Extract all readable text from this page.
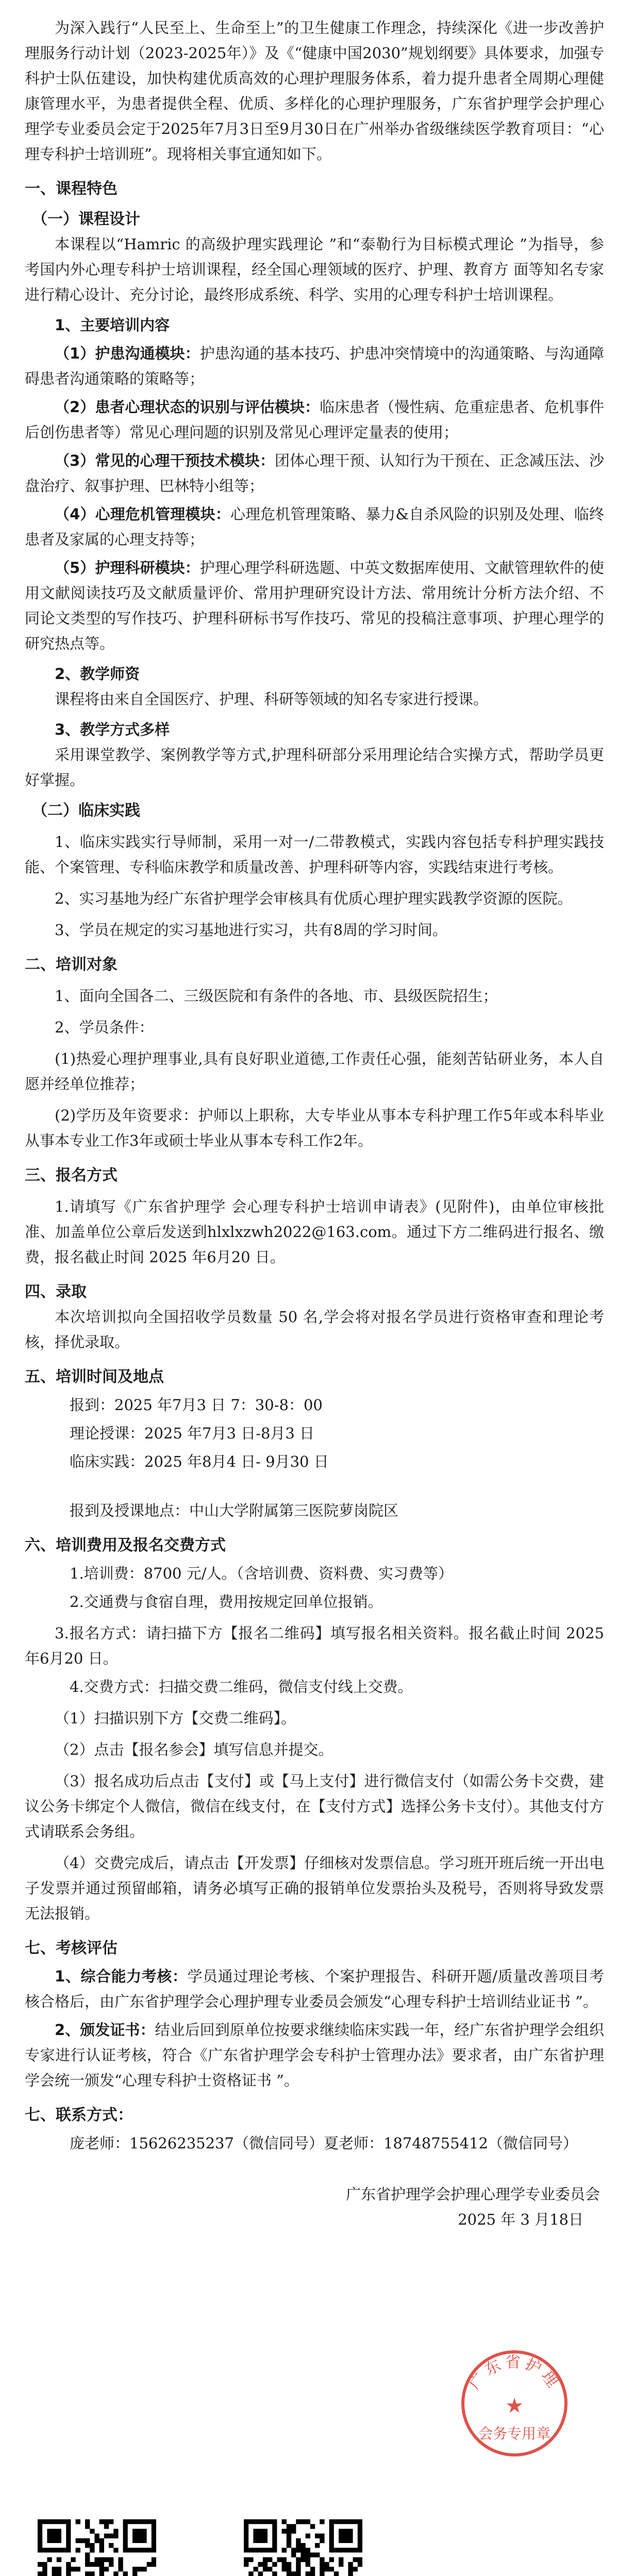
为深入践行“人民至上、生命至上”的卫生健康工作理念，持续深化《进一步改善护理服务行动计划（2023-2025年）》及《“健康中国2030”规划纲要》具体要求，加强专科护士队伍建设，加快构建优质高效的心理护理服务体系，着力提升患者全周期心理健康管理水平，为患者提供全程、优质、多样化的心理护理服务，广东省护理学会护理心理学专业委员会定于2025年7月3日至9月30日在广州举办省级继续医学教育项目：“心理专科护士培训班”。现将相关事宜通知如下。

一、课程特色

（一）课程设计

本课程以“Hamric 的高级护理实践理论 ”和“泰勒行为目标模式理论 ”为指导，参考国内外心理专科护士培训课程，经全国心理领域的医疗、护理、教育方 面等知名专家进行精心设计、充分讨论，最终形成系统、科学、实用的心理专科护士培训课程。

1、主要培训内容

（1）护患沟通模块：护患沟通的基本技巧、护患冲突情境中的沟通策略、与沟通障碍患者沟通策略的策略等；

（2）患者心理状态的识别与评估模块：临床患者（慢性病、危重症患者、危机事件后创伤患者等）常见心理问题的识别及常见心理评定量表的使用；

（3）常见的心理干预技术模块：团体心理干预、认知行为干预在、正念减压法、沙盘治疗、叙事护理、巴林特小组等；

（4）心理危机管理模块：心理危机管理策略、暴力&自杀风险的识别及处理、临终患者及家属的心理支持等；

（5）护理科研模块：护理心理学科研选题、中英文数据库使用、文献管理软件的使用文献阅读技巧及文献质量评价、常用护理研究设计方法、常用统计分析方法介绍、不同论文类型的写作技巧、护理科研标书写作技巧、常见的投稿注意事项、护理心理学的研究热点等。

2、教学师资

课程将由来自全国医疗、护理、科研等领域的知名专家进行授课。

3、教学方式多样

采用课堂教学、案例教学等方式,护理科研部分采用理论结合实操方式，帮助学员更好掌握。

（二）临床实践

1、临床实践实行导师制，采用一对一/二带教模式，实践内容包括专科护理实践技能、个案管理、专科临床教学和质量改善、护理科研等内容，实践结束进行考核。

2、实习基地为经广东省护理学会审核具有优质心理护理实践教学资源的医院。

3、学员在规定的实习基地进行实习，共有8周的学习时间。

二、培训对象

1、面向全国各二、三级医院和有条件的各地、市、县级医院招生；

2、学员条件：

(1)热爱心理护理事业,具有良好职业道德,工作责任心强，能刻苦钻研业务，本人自愿并经单位推荐；

(2)学历及年资要求：护师以上职称，大专毕业从事本专科护理工作5年或本科毕业从事本专业工作3年或硕士毕业从事本专科工作2年。

三、报名方式

1.请填写《广东省护理学 会心理专科护士培训申请表》(见附件)，由单位审核批准、加盖单位公章后发送到hlxlxzwh2022@163.com。通过下方二维码进行报名、缴费，报名截止时间 2025 年6月20 日。

四、录取

本次培训拟向全国招收学员数量 50 名,学会将对报名学员进行资格审查和理论考核，择优录取。

五、培训时间及地点

报到：2025 年7月3 日 7：30-8：00

理论授课：2025 年7月3 日-8月3 日

临床实践：2025 年8月4 日- 9月30 日

报到及授课地点：中山大学附属第三医院萝岗院区

六、培训费用及报名交费方式

1.培训费：8700 元/人。（含培训费、资料费、实习费等）

2.交通费与食宿自理，费用按规定回单位报销。

3.报名方式：请扫描下方【报名二维码】填写报名相关资料。报名截止时间 2025 年6月20 日。

4.交费方式：扫描交费二维码，微信支付线上交费。

（1）扫描识别下方【交费二维码】。

（2）点击【报名参会】填写信息并提交。

（3）报名成功后点击【支付】或【马上支付】进行微信支付（如需公务卡交费，建议公务卡绑定个人微信，微信在线支付，在【支付方式】选择公务卡支付）。其他支付方式请联系会务组。

（4）交费完成后，请点击【开发票】仔细核对发票信息。学习班开班后统一开出电子发票并通过预留邮箱，请务必填写正确的报销单位发票抬头及税号，否则将导致发票无法报销。

七、考核评估

1、综合能力考核：学员通过理论考核、个案护理报告、科研开题/质量改善项目考核合格后，由广东省护理学会心理护理专业委员会颁发“心理专科护士培训结业证书 ”。

2、颁发证书：结业后回到原单位按要求继续临床实践一年，经广东省护理学会组织专家进行认证考核，符合《广东省护理学会专科护士管理办法》要求者，由广东省护理学会统一颁发“心理专科护士资格证书 ”。

七、联系方式：

庞老师：15626235237（微信同号）夏老师：18748755412（微信同号）

广东省护理学会护理心理学专业委员会

2025 年 3 月18日

广东省护理
★
会务专用章
